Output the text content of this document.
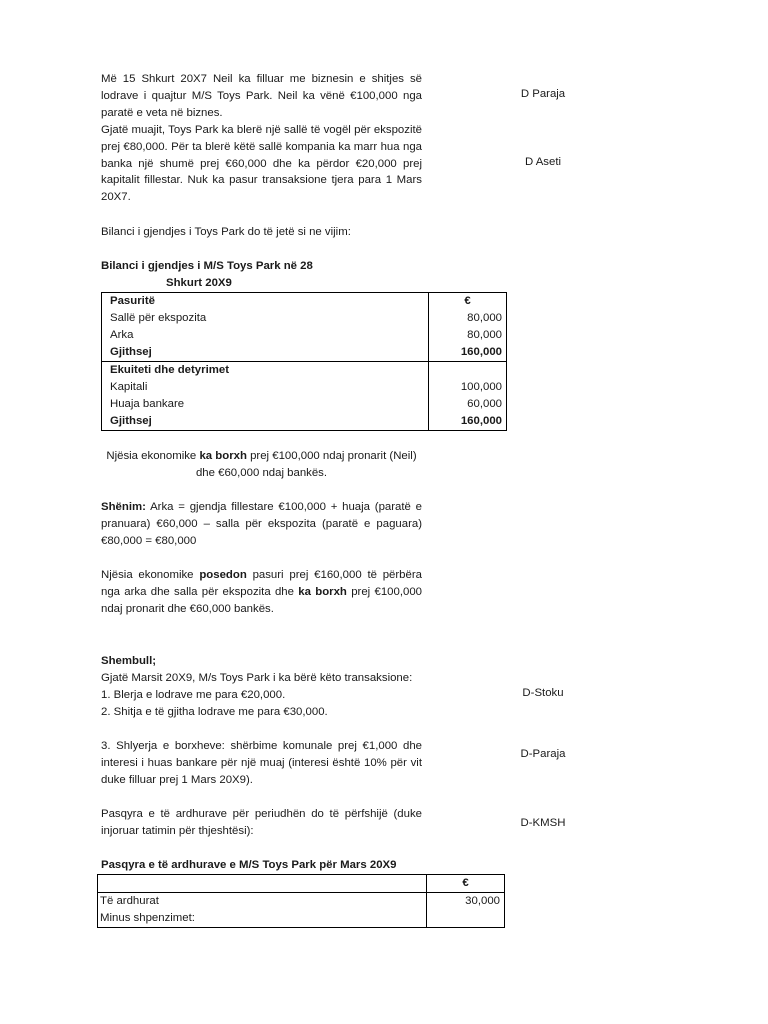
Më 15 Shkurt 20X7 Neil ka filluar me biznesin e shitjes së
lodrave i quajtur M/S Toys Park. Neil ka vënë €100,000 nga
paratë e veta në biznes.
Gjatë muajit, Toys Park ka blerë një sallë të vogël për ekspozitë
prej €80,000. Për ta blerë këtë sallë kompania ka marr hua nga
banka një shumë prej €60,000 dhe ka përdor €20,000 prej
kapitalit fillestar. Nuk ka pasur transaksione tjera para 1 Mars
20X7.
Bilanci i gjendjes i Toys Park do të jetë si ne vijim:
D Paraja
D Aseti
D-Stoku
D-Paraja
D-KMSH
Bilanci i gjendjes i M/S Toys Park në 28
Shkurt 20X9
Pasuritë	€
Sallë për ekspozita	80,000
Arka	80,000
Gjithsej	160,000
Ekuiteti dhe detyrimet	
Kapitali	100,000
Huaja bankare	60,000
Gjithsej	160,000
Njësia ekonomike ka borxh prej €100,000 ndaj pronarit (Neil)
dhe €60,000 ndaj bankës.
Shënim: Arka = gjendja fillestare €100,000 + huaja (paratë e
pranuara) €60,000 – salla për ekspozita (paratë e paguara)
€80,000 = €80,000
Njësia ekonomike posedon pasuri prej €160,000 të përbëra
nga arka dhe salla për ekspozita dhe ka borxh prej €100,000
ndaj pronarit dhe €60,000 bankës.
Shembull;
Gjatë Marsit 20X9, M/s Toys Park i ka bërë këto transaksione:
1. Blerja e lodrave me para €20,000.
2. Shitja e të gjitha lodrave me para €30,000.
3. Shlyerja e borxheve: shërbime komunale prej €1,000 dhe
interesi i huas bankare për një muaj (interesi është 10% për vit
duke filluar prej 1 Mars 20X9).
Pasqyra e të ardhurave për periudhën do të përfshijë (duke
injoruar tatimin për thjeshtësi):
Pasqyra e të ardhurave e M/S Toys Park për Mars 20X9
	€
Të ardhurat	30,000
Minus shpenzimet:	
